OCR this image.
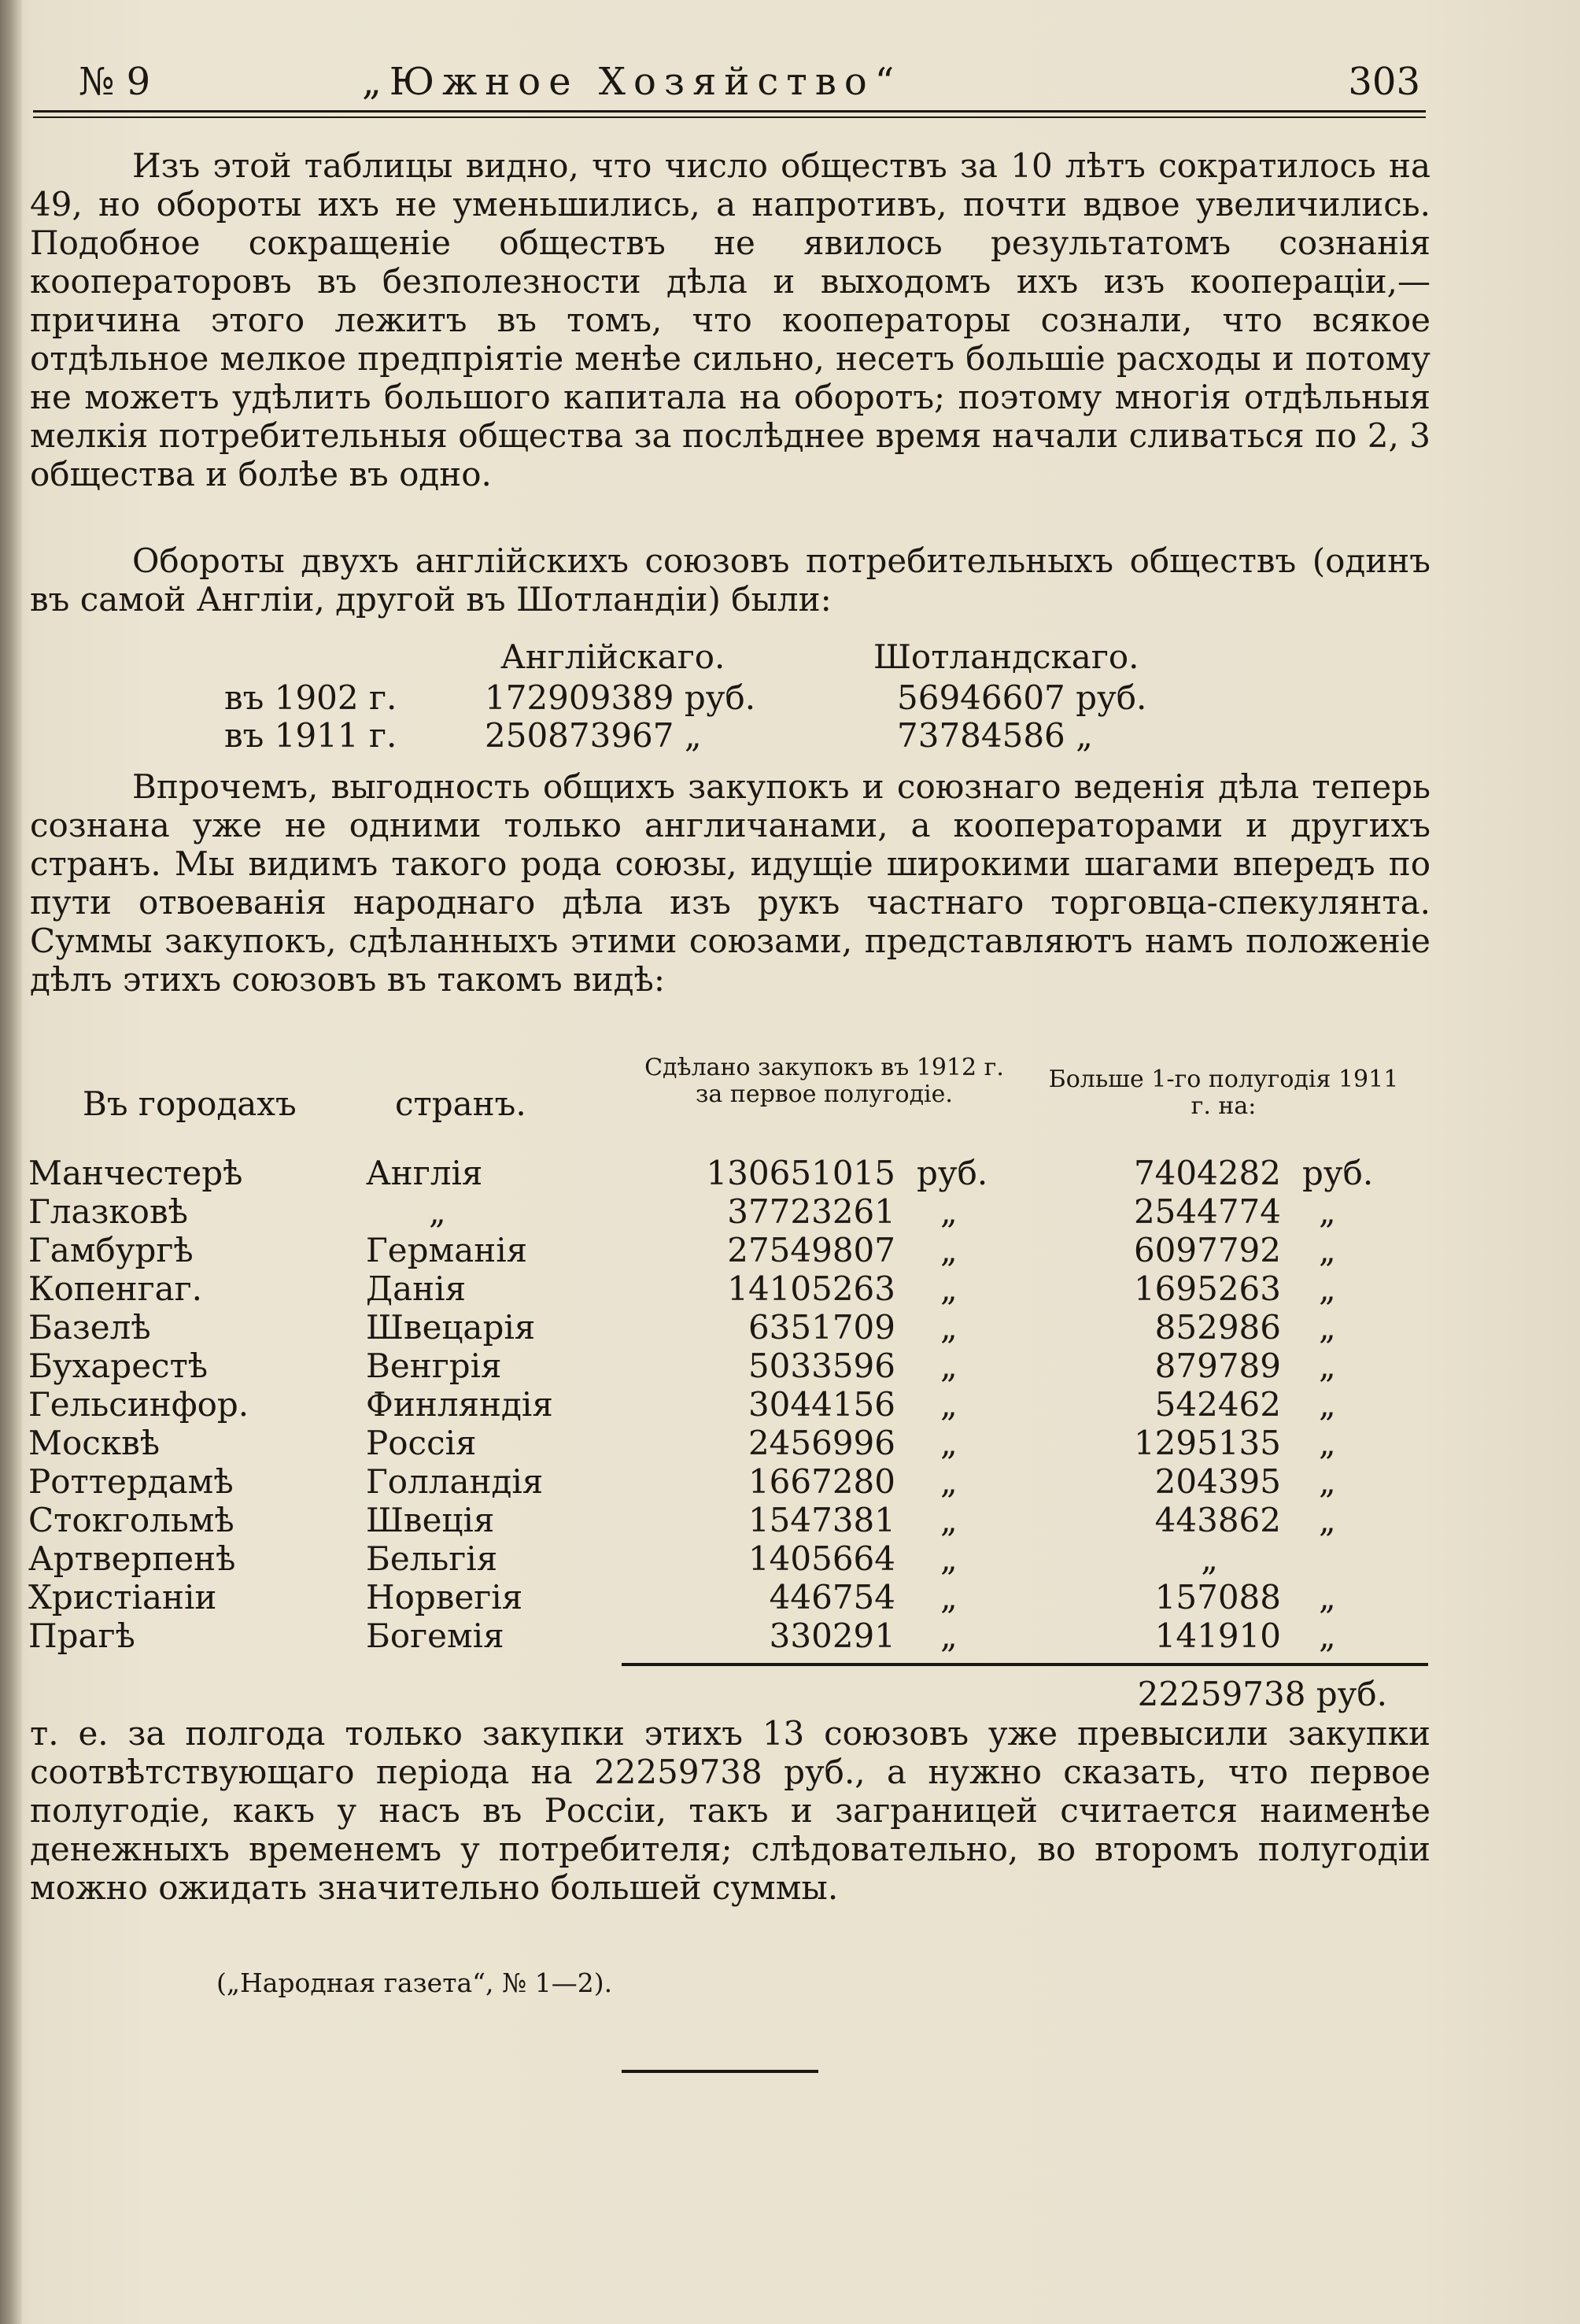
№ 9	„Южное Хозяйство“	303

Изъ этой таблицы видно, что число обществъ за 10 лѣтъ сократилось на 49, но обороты ихъ не уменьшились, а напротивъ, почти вдвое увеличились. Подобное сокращеніе обществъ не явилось результатомъ сознанія кооператоровъ въ безполезности дѣла и выходомъ ихъ изъ коопераціи,—причина этого лежитъ въ томъ, что кооператоры сознали, что всякое отдѣльное мелкое предпріятіе менѣе сильно, несетъ большіе расходы и потому не можетъ удѣлить большого капитала на оборотъ; поэтому многія отдѣльныя мелкія потребительныя общества за послѣднее время начали сливаться по 2, 3 общества и болѣе въ одно.

Обороты двухъ англійскихъ союзовъ потребительныхъ обществъ (одинъ въ самой Англіи, другой въ Шотландіи) были:

Англійскаго.	Шотландскаго.
въ 1902 г.	172909389 руб.	56946607 руб.
въ 1911 г.	250873967 „	73784586 „

Впрочемъ, выгодность общихъ закупокъ и союзнаго веденія дѣла теперь сознана уже не одними только англичанами, а кооператорами и другихъ странъ. Мы видимъ такого рода союзы, идущіе широкими шагами впередъ по пути отвоеванія народнаго дѣла изъ рукъ частнаго торговца-спекулянта. Суммы закупокъ, сдѣланныхъ этими союзами, представляютъ намъ положеніе дѣлъ этихъ союзовъ въ такомъ видѣ:

Въ городахъ	странъ.
Сдѣлано закупокъ въ 1912 г. за первое полугодіе.
Больше 1-го полугодія 1911 г. на:
Манчестерѣ	Англія	130651015 руб.	7404282 руб.
Глазковѣ	„	37723261 „	2544774 „
Гамбургѣ	Германія	27549807 „	6097792 „
Копенгаг.	Данія	14105263 „	1695263 „
Базелѣ	Швецарія	6351709 „	852986 „
Бухарестѣ	Венгрія	5033596 „	879789 „
Гельсинфор.	Финляндія	3044156 „	542462 „
Москвѣ	Россія	2456996 „	1295135 „
Роттердамѣ	Голландія	1667280 „	204395 „
Стокгольмѣ	Швеція	1547381 „	443862 „
Артверпенѣ	Бельгія	1405664 „	„
Христіаніи	Норвегія	446754 „	157088 „
Прагѣ	Богемія	330291 „	141910 „
22259738 руб.

т. е. за полгода только закупки этихъ 13 союзовъ уже превысили закупки соотвѣтствующаго періода на 22259738 руб., а нужно сказать, что первое полугодіе, какъ у насъ въ Россіи, такъ и заграницей считается наименѣе денежныхъ временемъ у потребителя; слѣдовательно, во второмъ полугодіи можно ожидать значительно большей суммы.

(„Народная газета“, № 1—2).
